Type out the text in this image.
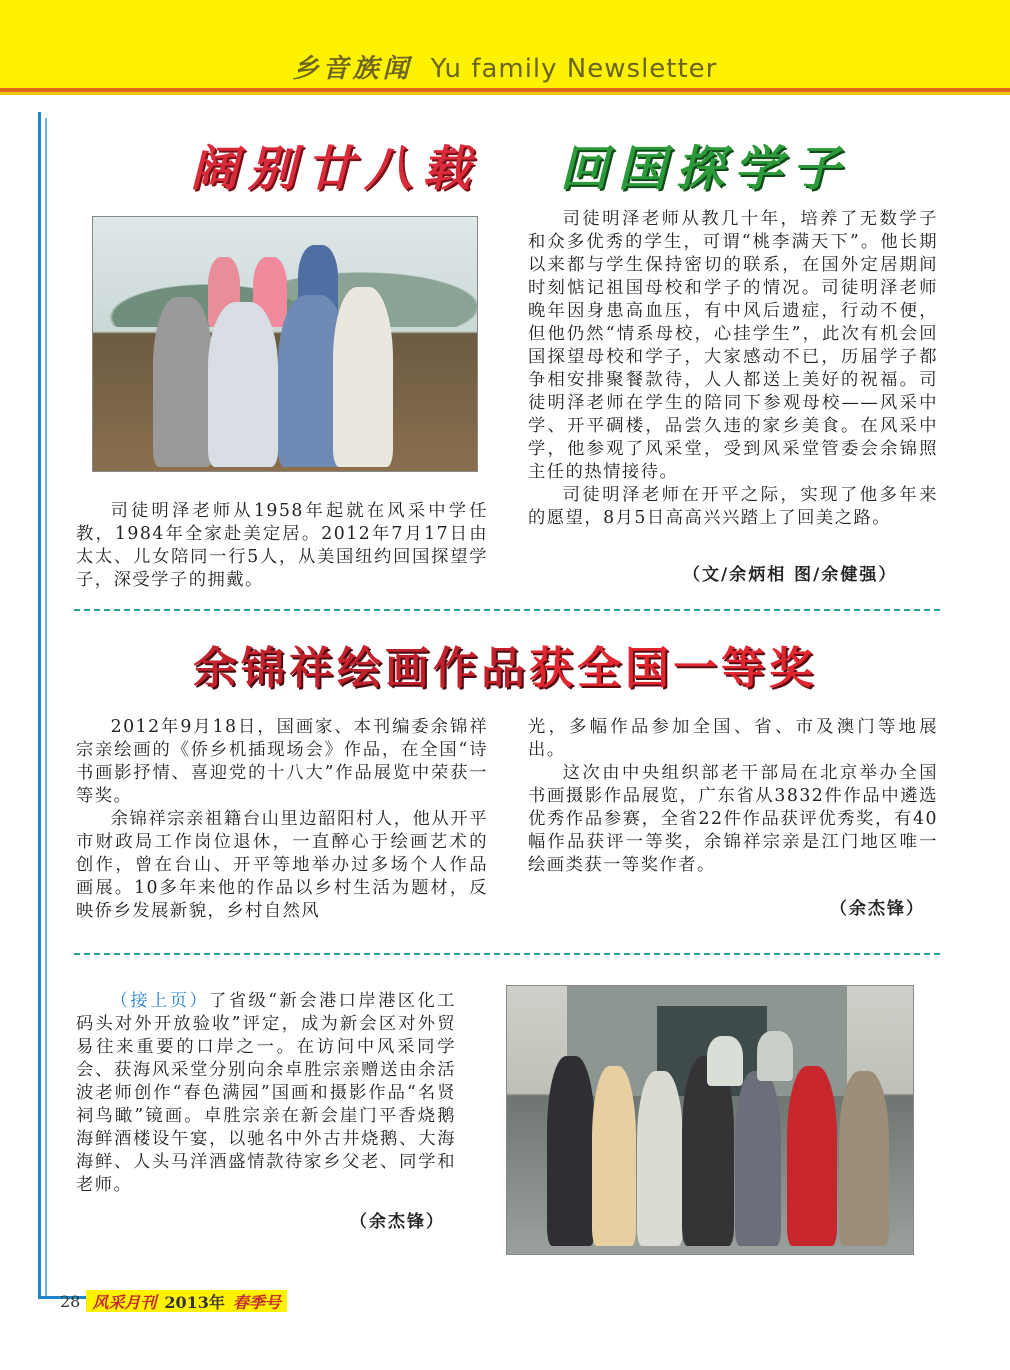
乡音族闻 Yu family Newsletter
阔别廿八载 回国探学子

司徒明泽老师从教几十年，培养了无数学子和众多优秀的学生，可谓“桃李满天下”。他长期以来都与学生保持密切的联系，在国外定居期间时刻惦记祖国母校和学子的情况。司徒明泽老师晚年因身患高血压，有中风后遗症，行动不便，但他仍然“情系母校，心挂学生”，此次有机会回国探望母校和学子，大家感动不已，历届学子都争相安排聚餐款待，人人都送上美好的祝福。司徒明泽老师在学生的陪同下参观母校——风采中学、开平碉楼，品尝久违的家乡美食。在风采中学，他参观了风采堂，受到风采堂管委会余锦照主任的热情接待。

司徒明泽老师在开平之际，实现了他多年来的愿望，8月5日高高兴兴踏上了回美之路。

司徒明泽老师从1958年起就在风采中学任教，1984年全家赴美定居。2012年7月17日由太太、儿女陪同一行5人，从美国纽约回国探望学子，深受学子的拥戴。	（文/余炳相 图/余健强）
余锦祥绘画作品获全国一等奖

2012年9月18日，国画家、本刊编委余锦祥宗亲绘画的《侨乡机插现场会》作品，在全国“诗书画影抒情、喜迎党的十八大”作品展览中荣获一等奖。

余锦祥宗亲祖籍台山里边韶阳村人，他从开平市财政局工作岗位退休，一直醉心于绘画艺术的创作，曾在台山、开平等地举办过多场个人作品画展。10多年来他的作品以乡村生活为题材，反映侨乡发展新貌，乡村自然风

光，多幅作品参加全国、省、市及澳门等地展出。

这次由中央组织部老干部局在北京举办全国书画摄影作品展览，广东省从3832件作品中遴选优秀作品参赛，全省22件作品获评优秀奖，有40幅作品获评一等奖，余锦祥宗亲是江门地区唯一绘画类获一等奖作者。

（余杰锋）

（接上页）了省级“新会港口岸港区化工码头对外开放验收”评定，成为新会区对外贸易往来重要的口岸之一。在访问中风采同学会、获海风采堂分别向余卓胜宗亲赠送由余活波老师创作“春色满园”国画和摄影作品“名贤祠鸟瞰”镜画。卓胜宗亲在新会崖门平香烧鹅海鲜酒楼设午宴，以驰名中外古井烧鹅、大海海鲜、人头马洋酒盛情款待家乡父老、同学和老师。

（余杰锋）
28 风采月刊 2013年 春季号
